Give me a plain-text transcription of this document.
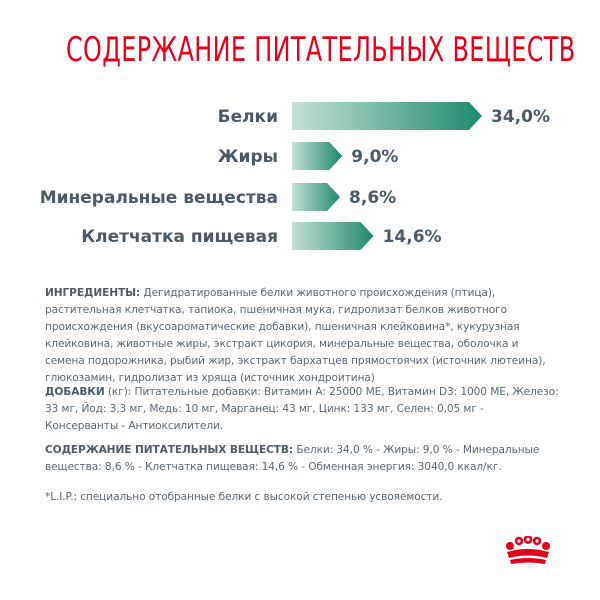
СОДЕРЖАНИЕ ПИТАТЕЛЬНЫХ ВЕЩЕСТВ
Белки	34,0%
Жиры	9,0%
Минеральные вещества	8,6%
Клетчатка пищевая	14,6%
ИНГРЕДИЕНТЫ: Дегидратированные белки животного происхождения (птица), растительная клетчатка, тапиока, пшеничная мука, гидролизат белков животного происхождения (вкусоароматические добавки), пшеничная клейковина*, кукурузная клейковина, животные жиры, экстракт цикория, минеральные вещества, оболочка и семена подорожника, рыбий жир, экстракт бархатцев прямостоячих (источник лютеина), глюкозамин, гидролизат из хряща (источник хондроитина)
ДОБАВКИ (кг): Питательные добавки: Витамин А: 25000 МЕ, Витамин D3: 1000 МЕ, Железо: 33 мг, Йод: 3,3 мг, Медь: 10 мг, Марганец: 43 мг, Цинк: 133 мг, Селен: 0,05 мг - Консерванты - Антиоксилители.
СОДЕРЖАНИЕ ПИТАТЕЛЬНЫХ ВЕЩЕСТВ: Белки: 34,0 % - Жиры: 9,0 % - Минеральные вещества: 8,6 % - Клетчатка пищевая: 14,6 % - Обменная энергия: 3040,0 ккал/кг.
*L.I.P.: специально отобранные белки с высокой степенью усвояемости.
